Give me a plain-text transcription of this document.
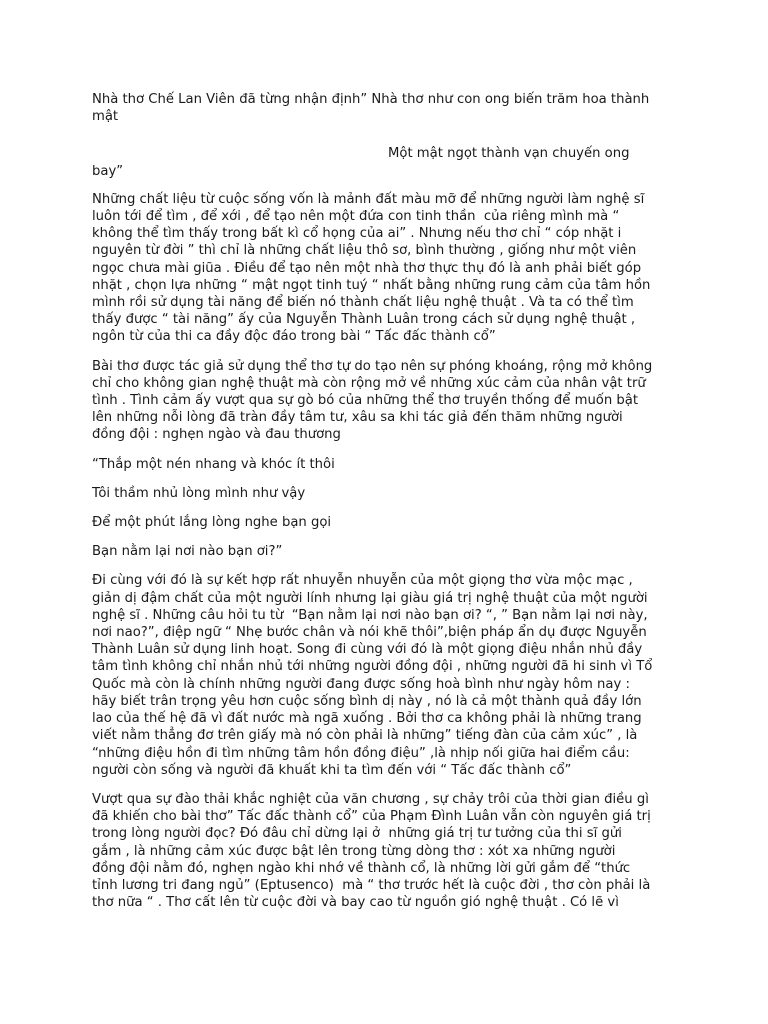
Nhà thơ Chế Lan Viên đã từng nhận định” Nhà thơ như con ong biến trăm hoa thành
mật

Một mật ngọt thành vạn chuyến ong
bay”

Những chất liệu từ cuộc sống vốn là mảnh đất màu mỡ để những người làm nghệ sĩ
luôn tới để tìm , để xới , để tạo nên một đứa con tinh thần  của riêng mình mà “
không thể tìm thấy trong bất kì cổ họng của ai” . Nhưng nếu thơ chỉ “ cóp nhặt i
nguyên từ đời ” thì chỉ là những chất liệu thô sơ, bình thường , giống như một viên
ngọc chưa mài giũa . Điều để tạo nên một nhà thơ thực thụ đó là anh phải biết góp
nhặt , chọn lựa những “ mật ngọt tinh tuý “ nhất bằng những rung cảm của tâm hồn
mình rồi sử dụng tài năng để biến nó thành chất liệu nghệ thuật . Và ta có thể tìm
thấy được “ tài năng” ấy của Nguyễn Thành Luân trong cách sử dụng nghệ thuật ,
ngôn từ của thi ca đầy độc đáo trong bài “ Tấc đấc thành cổ”

Bài thơ được tác giả sử dụng thể thơ tự do tạo nên sự phóng khoáng, rộng mở không
chỉ cho không gian nghệ thuật mà còn rộng mở về những xúc cảm của nhân vật trữ
tình . Tình cảm ấy vượt qua sự gò bó của những thể thơ truyền thống để muốn bật
lên những nỗi lòng đã tràn đầy tâm tư, xâu sa khi tác giả đến thăm những người
đồng đội : nghẹn ngào và đau thương

“Thắp một nén nhang và khóc ít thôi

Tôi thầm nhủ lòng mình như vậy

Để một phút lắng lòng nghe bạn gọi

Bạn nằm lại nơi nào bạn ơi?”

Đi cùng với đó là sự kết hợp rất nhuyễn nhuyễn của một giọng thơ vừa mộc mạc ,
giản dị đậm chất của một người lính nhưng lại giàu giá trị nghệ thuật của một người
nghệ sĩ . Những câu hỏi tu từ  “Bạn nằm lại nơi nào bạn ơi? “, ” Bạn nằm lại nơi này,
nơi nao?”, điệp ngữ “ Nhẹ bước chân và nói khẽ thôi”,biện pháp ẩn dụ được Nguyễn
Thành Luân sử dụng linh hoạt. Song đi cùng với đó là một giọng điệu nhắn nhủ đầy
tâm tình không chỉ nhắn nhủ tới những người đồng đội , những người đã hi sinh vì Tổ
Quốc mà còn là chính những người đang được sống hoà bình như ngày hôm nay :
hãy biết trân trọng yêu hơn cuộc sống bình dị này , nó là cả một thành quả đầy lớn
lao của thế hệ đã vì đất nước mà ngã xuống . Bởi thơ ca không phải là những trang
viết nằm thẳng đơ trên giấy mà nó còn phải là những” tiếng đàn của cảm xúc” , là
“những điệu hồn đi tìm những tâm hồn đồng điệu” ,là nhịp nối giữa hai điểm cầu:
người còn sống và người đã khuất khi ta tìm đến với “ Tấc đấc thành cổ”

Vượt qua sự đào thải khắc nghiệt của văn chương , sự chảy trôi của thời gian điều gì
đã khiến cho bài thơ” Tấc đấc thành cổ” của Phạm Đình Luân vẫn còn nguyên giá trị
trong lòng người đọc? Đó đâu chỉ dừng lại ở  những giá trị tư tưởng của thi sĩ gửi
gắm , là những cảm xúc được bật lên trong từng dòng thơ : xót xa những người
đồng đội nằm đó, nghẹn ngào khi nhớ về thành cổ, là những lời gửi gắm để “thức
tỉnh lương tri đang ngủ” (Eptusenco)  mà “ thơ trước hết là cuộc đời , thơ còn phải là
thơ nữa “ . Thơ cất lên từ cuộc đời và bay cao từ nguồn gió nghệ thuật . Có lẽ vì
